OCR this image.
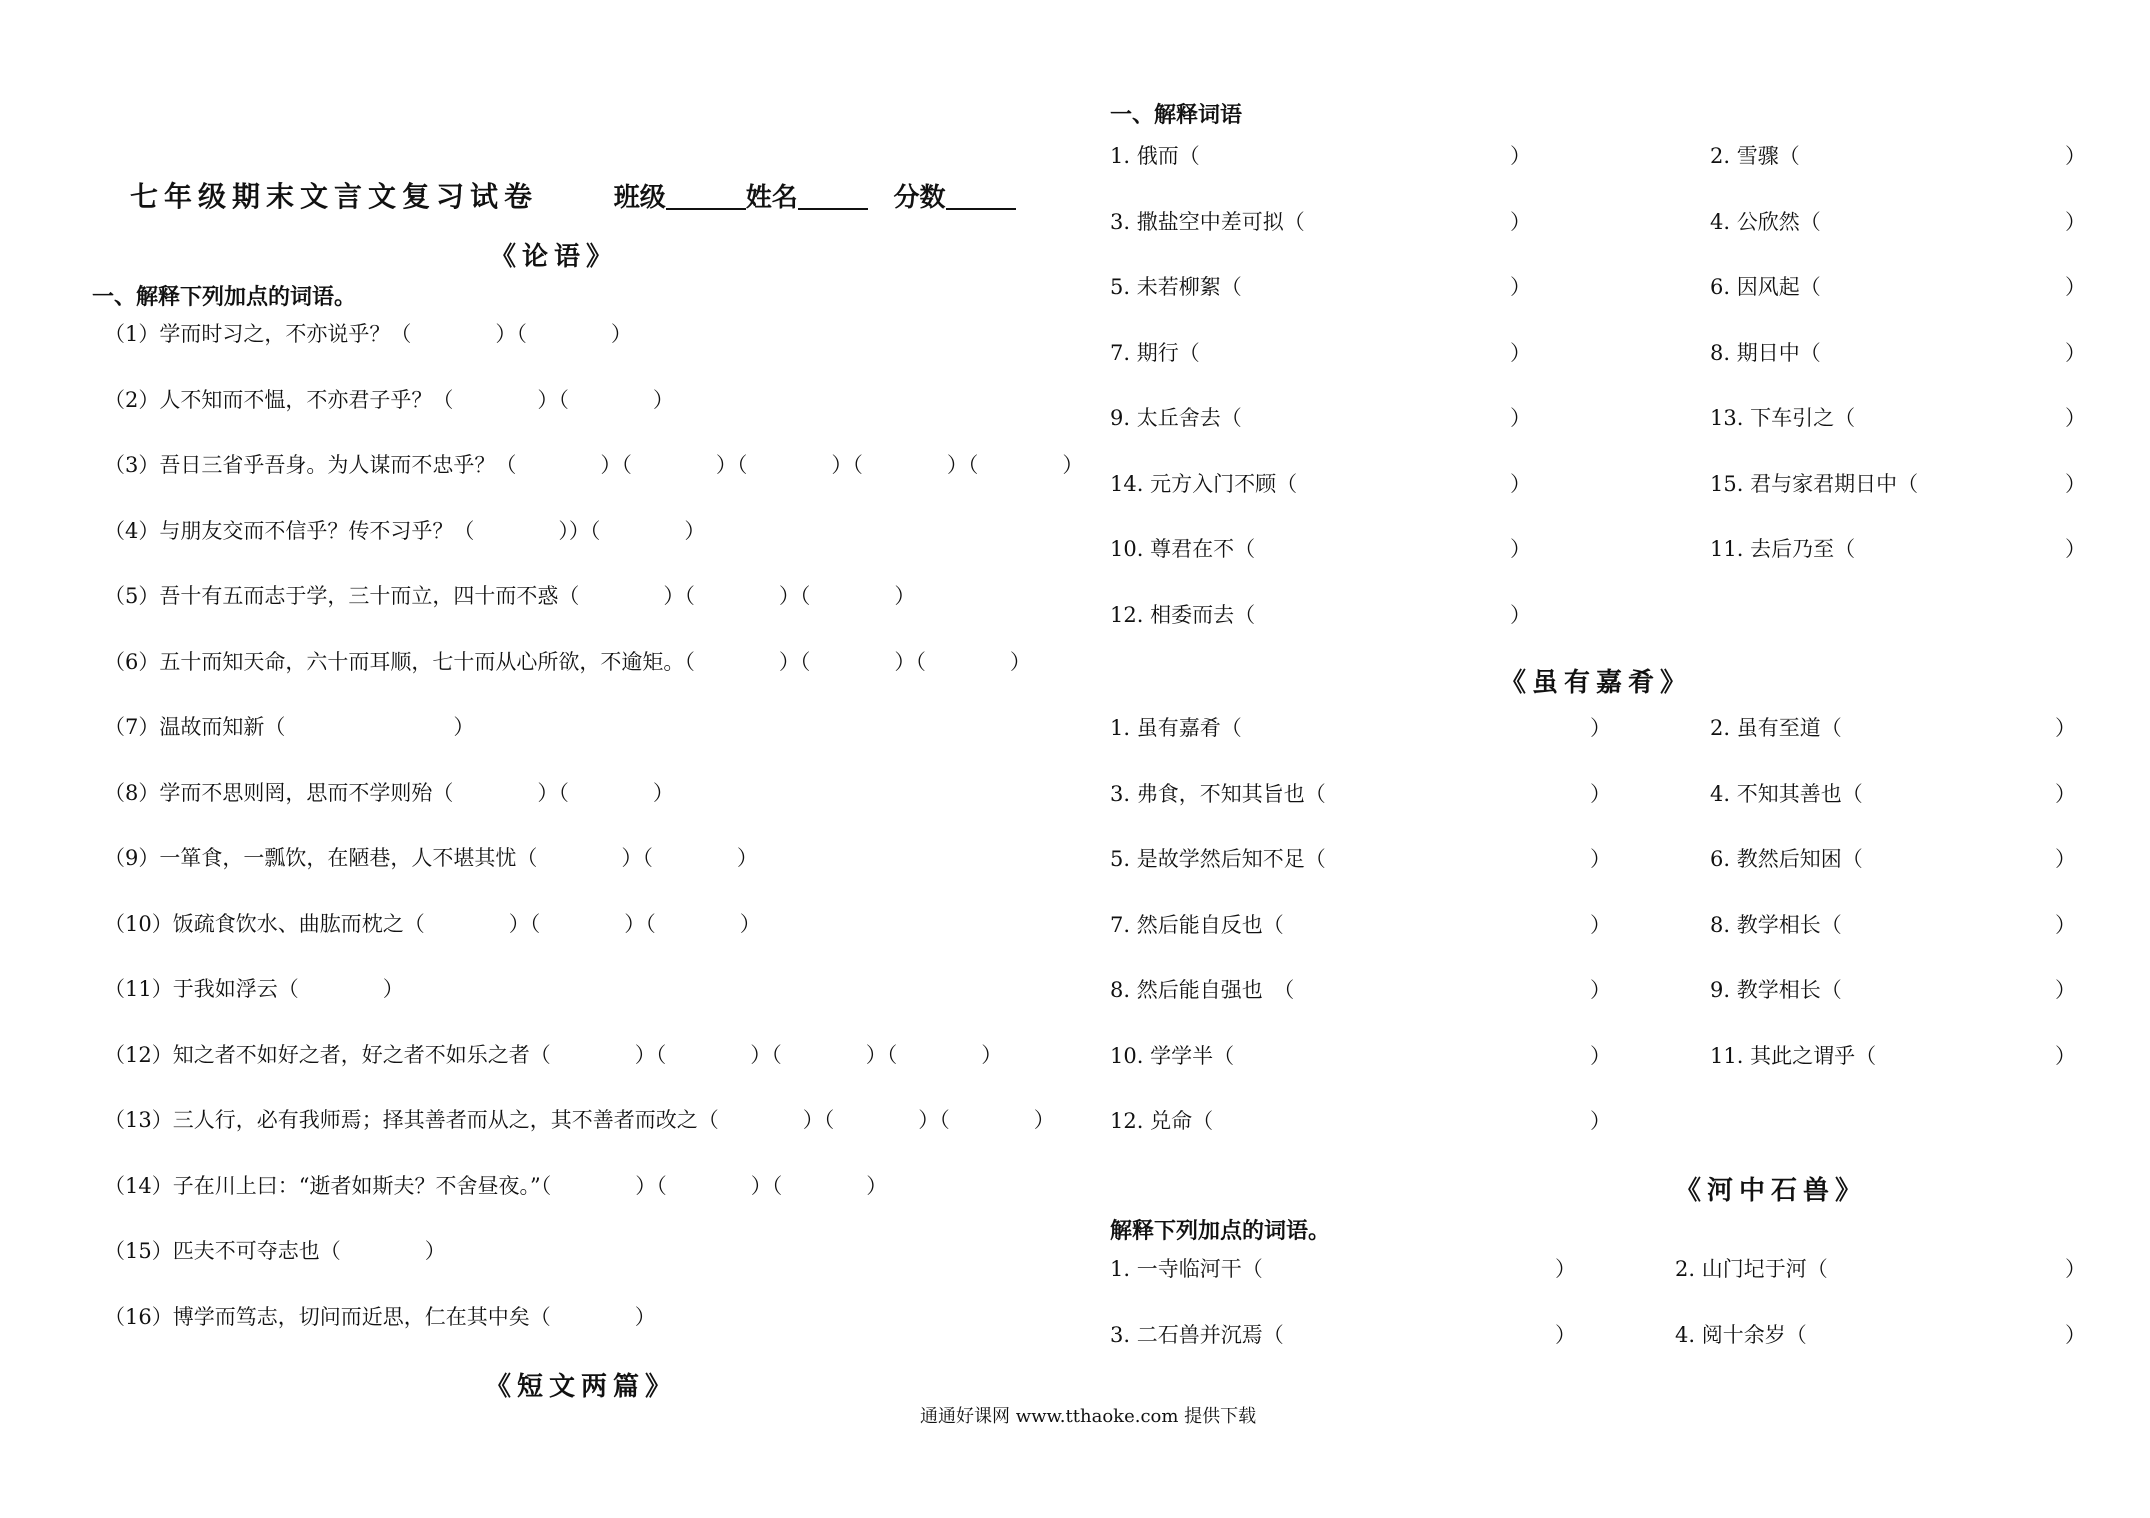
七年级期末文言文复习试卷	班级	姓名	分数
《论语》
一、解释下列加点的词语。
（1）学而时习之，不亦说乎？（　　　　）（　　　　）
（2）人不知而不愠，不亦君子乎？（　　　　）（　　　　）
（3）吾日三省乎吾身。为人谋而不忠乎？（　　　　）（　　　　）（　　　　）（　　　　）（　　　　）
（4）与朋友交而不信乎？传不习乎？（　　　　））（　　　　）
（5）吾十有五而志于学，三十而立，四十而不惑（　　　　）（　　　　）（　　　　）
（6）五十而知天命，六十而耳顺，七十而从心所欲，不逾矩。（　　　　）（　　　　）（　　　　）
（7）温故而知新（　　　　　　　　）
（8）学而不思则罔，思而不学则殆（　　　　）（　　　　）
（9）一箪食，一瓢饮，在陋巷，人不堪其忧（　　　　）（　　　　）
（10）饭疏食饮水、曲肱而枕之（　　　　）（　　　　）（　　　　）
（11）于我如浮云（　　　　）
（12）知之者不如好之者，好之者不如乐之者（　　　　）（　　　　）（　　　　）（　　　　）
（13）三人行，必有我师焉；择其善者而从之，其不善者而改之（　　　　）（　　　　）（　　　　）
（14）子在川上曰：“逝者如斯夫？不舍昼夜。”（　　　　）（　　　　）（　　　　）
（15）匹夫不可夺志也（　　　　）
（16）博学而笃志，切问而近思，仁在其中矣（　　　　）
《短文两篇》
一、解释词语
1. 俄而（	）	2. 雪骤（	）
3. 撒盐空中差可拟（	）	4. 公欣然（	）
5. 未若柳絮（	）	6. 因风起（	）
7. 期行（	）	8. 期日中（	）
9. 太丘舍去（	）	13. 下车引之（	）
14. 元方入门不顾（	）	15. 君与家君期日中（	）
10. 尊君在不（	）	11. 去后乃至（	）
12. 相委而去（	）
《虽有嘉肴》
1. 虽有嘉肴（	）	2. 虽有至道（	）
3. 弗食，不知其旨也（	）	4. 不知其善也（	）
5. 是故学然后知不足（	）	6. 教然后知困（	）
7. 然后能自反也（	）	8. 教学相长（	）
8. 然后能自强也　（	）	9. 教学相长（	）
10. 学学半（	）	11. 其此之谓乎（	）
12. 兑命（	）
《河中石兽》
解释下列加点的词语。
1. 一寺临河干（	）	2. 山门圮于河（	）
3. 二石兽并沉焉（	）	4. 阅十余岁（	）
通通好课网 www.tthaoke.com 提供下载
